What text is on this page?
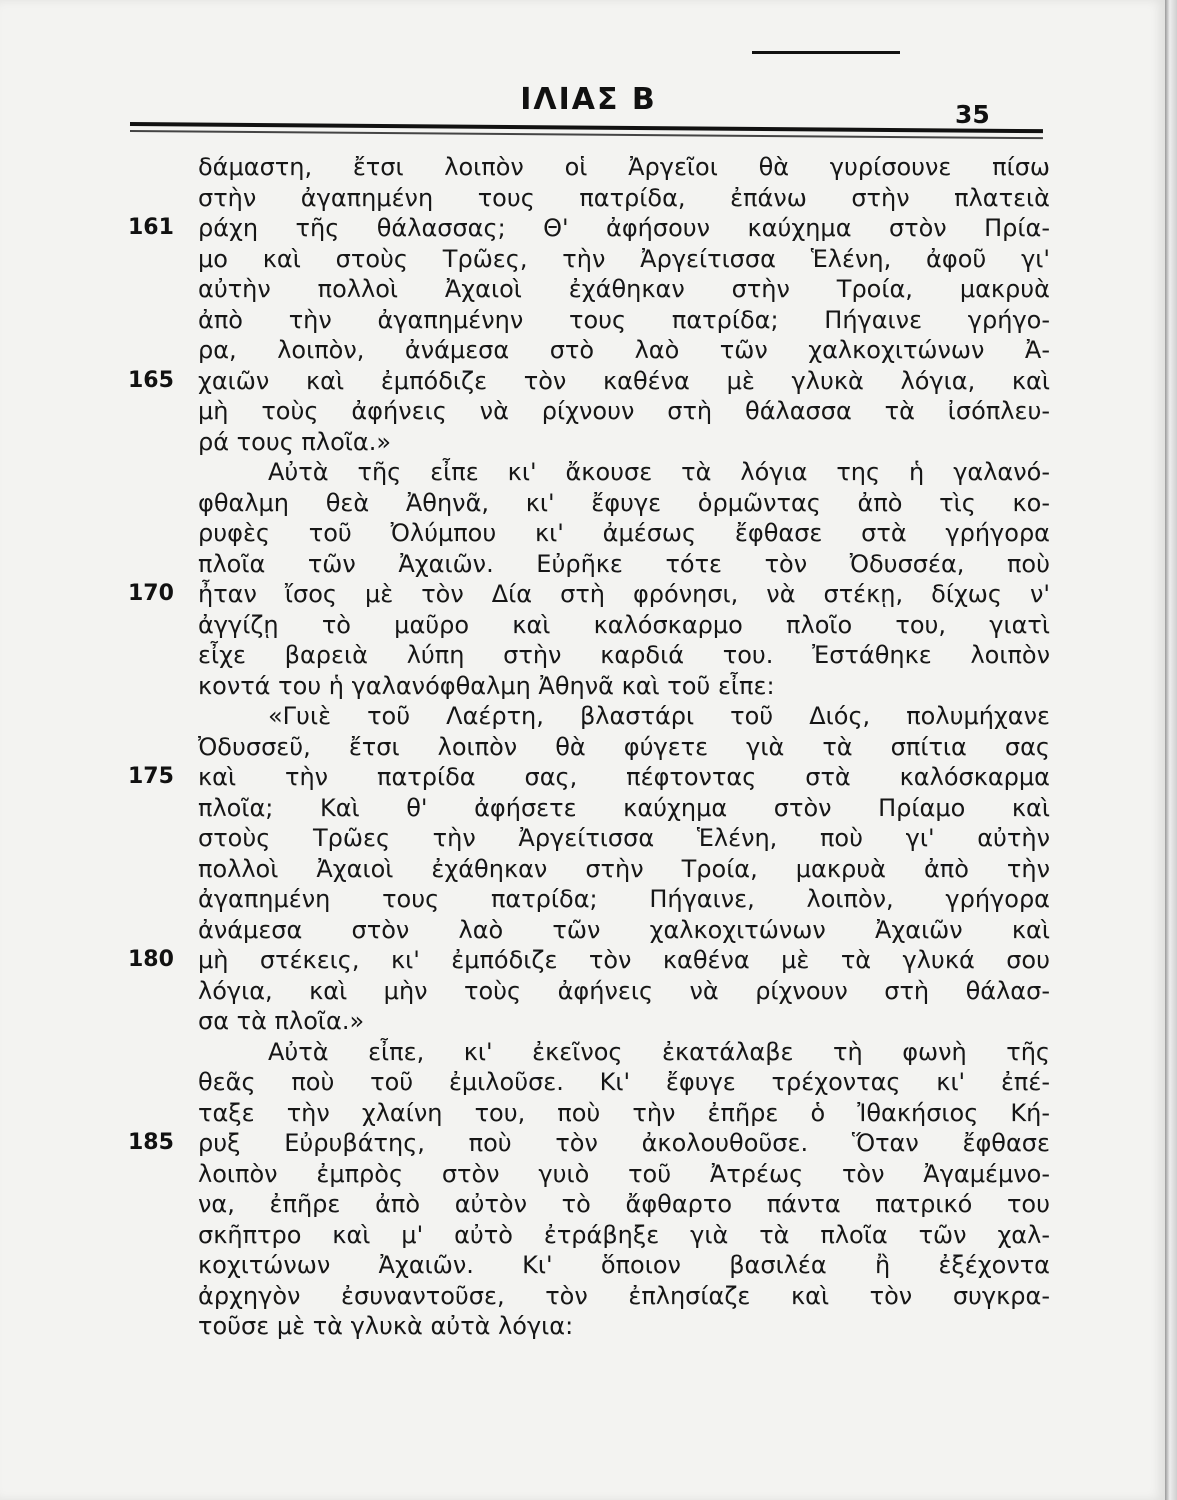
ΙΛΙΑΣ Β	35
δάμαστη, ἔτσι λοιπὸν οἱ Ἀργεῖοι θὰ γυρίσουνε πίσω
στὴν ἀγαπημένη τους πατρίδα, ἐπάνω στὴν πλατειὰ
161 ράχη τῆς θάλασσας; Θ' ἀφήσουν καύχημα στὸν Πρία-
μο καὶ στοὺς Τρῶες, τὴν Ἀργείτισσα Ἑλένη, ἀφοῦ γι'
αὐτὴν πολλοὶ Ἀχαιοὶ ἐχάθηκαν στὴν Τροία, μακρυὰ
ἀπὸ τὴν ἀγαπημένην τους πατρίδα; Πήγαινε γρήγο-
ρα, λοιπὸν, ἀνάμεσα στὸ λαὸ τῶν χαλκοχιτώνων Ἀ-
165 χαιῶν καὶ ἐμπόδιζε τὸν καθένα μὲ γλυκὰ λόγια, καὶ
μὴ τοὺς ἀφήνεις νὰ ρίχνουν στὴ θάλασσα τὰ ἰσόπλευ-
ρά τους πλοῖα.»
Αὐτὰ τῆς εἶπε κι' ἄκουσε τὰ λόγια της ἡ γαλανό-
φθαλμη θεὰ Ἀθηνᾶ, κι' ἔφυγε ὁρμῶντας ἀπὸ τὶς κο-
ρυφὲς τοῦ Ὀλύμπου κι' ἀμέσως ἔφθασε στὰ γρήγορα
πλοῖα τῶν Ἀχαιῶν. Εὐρῆκε τότε τὸν Ὀδυσσέα, ποὺ
170 ἦταν ἴσος μὲ τὸν Δία στὴ φρόνησι, νὰ στέκῃ, δίχως ν'
ἀγγίζῃ τὸ μαῦρο καὶ καλόσκαρμο πλοῖο του, γιατὶ
εἶχε βαρειὰ λύπη στὴν καρδιά του. Ἐστάθηκε λοιπὸν
κοντά του ἡ γαλανόφθαλμη Ἀθηνᾶ καὶ τοῦ εἶπε:
«Γυιὲ τοῦ Λαέρτη, βλαστάρι τοῦ Διός, πολυμήχανε
Ὀδυσσεῦ, ἔτσι λοιπὸν θὰ φύγετε γιὰ τὰ σπίτια σας
175 καὶ τὴν πατρίδα σας, πέφτοντας στὰ καλόσκαρμα
πλοῖα; Καὶ θ' ἀφήσετε καύχημα στὸν Πρίαμο καὶ
στοὺς Τρῶες τὴν Ἀργείτισσα Ἑλένη, ποὺ γι' αὐτὴν
πολλοὶ Ἀχαιοὶ ἐχάθηκαν στὴν Τροία, μακρυὰ ἀπὸ τὴν
ἀγαπημένη τους πατρίδα; Πήγαινε, λοιπὸν, γρήγορα
ἀνάμεσα στὸν λαὸ τῶν χαλκοχιτώνων Ἀχαιῶν καὶ
180 μὴ στέκεις, κι' ἐμπόδιζε τὸν καθένα μὲ τὰ γλυκά σου
λόγια, καὶ μὴν τοὺς ἀφήνεις νὰ ρίχνουν στὴ θάλασ-
σα τὰ πλοῖα.»
Αὐτὰ εἶπε, κι' ἐκεῖνος ἐκατάλαβε τὴ φωνὴ τῆς
θεᾶς ποὺ τοῦ ἐμιλοῦσε. Κι' ἔφυγε τρέχοντας κι' ἐπέ-
ταξε τὴν χλαίνη του, ποὺ τὴν ἐπῆρε ὁ Ἰθακήσιος Κή-
185 ρυξ Εὐρυβάτης, ποὺ τὸν ἀκολουθοῦσε. Ὅταν ἔφθασε
λοιπὸν ἐμπρὸς στὸν γυιὸ τοῦ Ἀτρέως τὸν Ἀγαμέμνο-
να, ἐπῆρε ἀπὸ αὐτὸν τὸ ἄφθαρτο πάντα πατρικό του
σκῆπτρο καὶ μ' αὐτὸ ἐτράβηξε γιὰ τὰ πλοῖα τῶν χαλ-
κοχιτώνων Ἀχαιῶν. Κι' ὅποιον βασιλέα ἢ ἐξέχοντα
ἀρχηγὸν ἐσυναντοῦσε, τὸν ἐπλησίαζε καὶ τὸν συγκρα-
τοῦσε μὲ τὰ γλυκὰ αὐτὰ λόγια:
